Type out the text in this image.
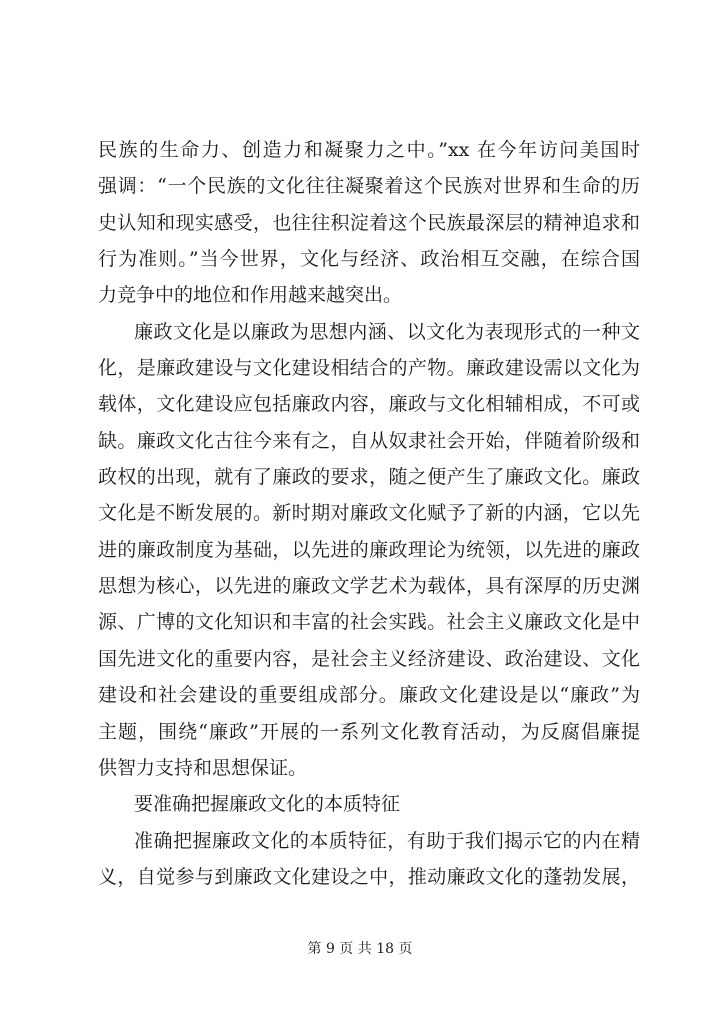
民族的生命力、创造力和凝聚力之中。”xx 在今年访问美国时
强调：“一个民族的文化往往凝聚着这个民族对世界和生命的历
史认知和现实感受，也往往积淀着这个民族最深层的精神追求和
行为准则。”当今世界，文化与经济、政治相互交融，在综合国
力竞争中的地位和作用越来越突出。
廉政文化是以廉政为思想内涵、以文化为表现形式的一种文
化，是廉政建设与文化建设相结合的产物。廉政建设需以文化为
载体，文化建设应包括廉政内容，廉政与文化相辅相成，不可或
缺。廉政文化古往今来有之，自从奴隶社会开始，伴随着阶级和
政权的出现，就有了廉政的要求，随之便产生了廉政文化。廉政
文化是不断发展的。新时期对廉政文化赋予了新的内涵，它以先
进的廉政制度为基础，以先进的廉政理论为统领，以先进的廉政
思想为核心，以先进的廉政文学艺术为载体，具有深厚的历史渊
源、广博的文化知识和丰富的社会实践。社会主义廉政文化是中
国先进文化的重要内容，是社会主义经济建设、政治建设、文化
建设和社会建设的重要组成部分。廉政文化建设是以“廉政”为
主题，围绕“廉政”开展的一系列文化教育活动，为反腐倡廉提
供智力支持和思想保证。
要准确把握廉政文化的本质特征
准确把握廉政文化的本质特征，有助于我们揭示它的内在精
义，自觉参与到廉政文化建设之中，推动廉政文化的蓬勃发展，
第 9 页 共 18 页
